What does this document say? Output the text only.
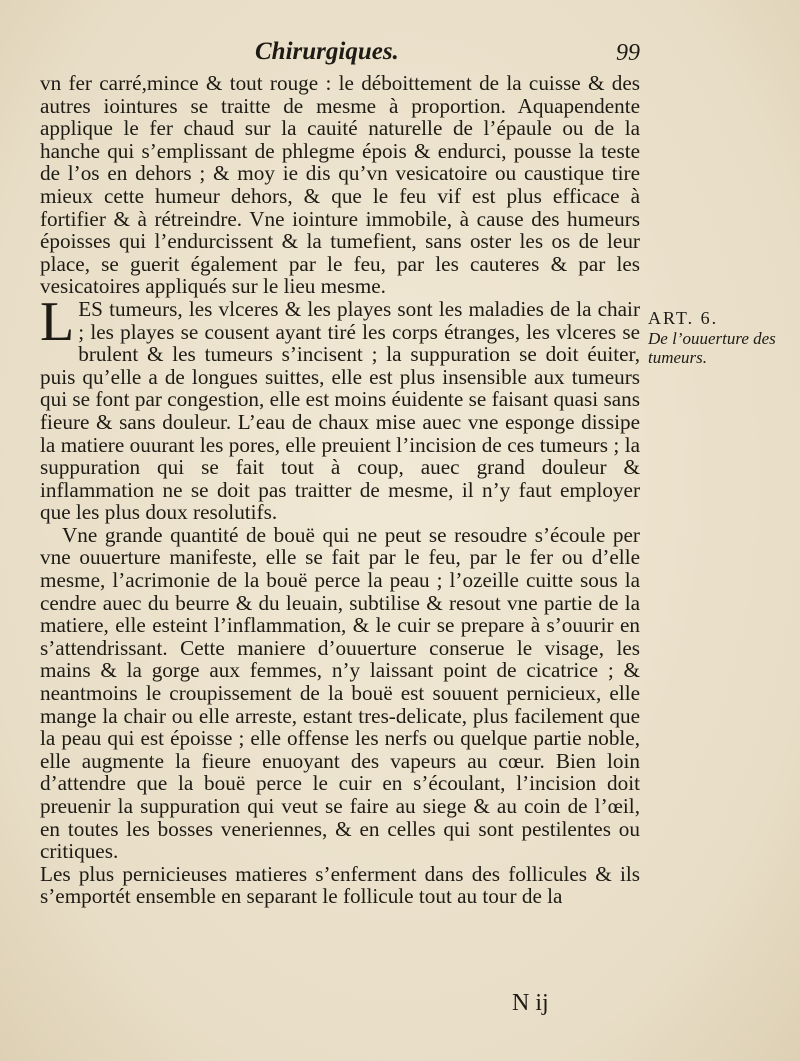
Chirurgiques.	99

vn fer carré,mince & tout rouge : le déboittement de la cuisse & des autres iointures se traitte de mesme à proportion. Aquapendente applique le fer chaud sur la cauité naturelle de l’épaule ou de la hanche qui s’emplissant de phlegme épois & endurci, pousse la teste de l’os en dehors ; & moy ie dis qu’vn vesicatoire ou caustique tire mieux cette humeur dehors, & que le feu vif est plus efficace à fortifier & à rétreindre. Vne iointure immobile, à cause des humeurs époisses qui l’endurcissent & la tumefient, sans oster les os de leur place, se guerit également par le feu, par les cauteres & par les vesicatoires appliqués sur le lieu mesme.

LES tumeurs, les vlceres & les playes sont les maladies de la chair ; les playes se cousent ayant tiré les corps étranges, les vlceres se brulent & les tumeurs s’incisent ; la suppuration se doit éuiter, puis qu’elle a de longues suittes, elle est plus insensible aux tumeurs qui se font par congestion, elle est moins éuidente se faisant quasi sans fieure & sans douleur. L’eau de chaux mise auec vne esponge dissipe la matiere ouurant les pores, elle preuient l’incision de ces tumeurs ; la suppuration qui se fait tout à coup, auec grand douleur & inflammation ne se doit pas traitter de mesme, il n’y faut employer que les plus doux resolutifs.

Vne grande quantité de bouë qui ne peut se resoudre s’écoule per vne ouuerture manifeste, elle se fait par le feu, par le fer ou d’elle mesme, l’acrimonie de la bouë perce la peau ; l’ozeille cuitte sous la cendre auec du beurre & du leuain, subtilise & resout vne partie de la matiere, elle esteint l’inflammation, & le cuir se prepare à s’ouurir en s’attendrissant. Cette maniere d’ouuerture conserue le visage, les mains & la gorge aux femmes, n’y laissant point de cicatrice ; & neantmoins le croupissement de la bouë est souuent pernicieux, elle mange la chair ou elle arreste, estant tres-delicate, plus facilement que la peau qui est époisse ; elle offense les nerfs ou quelque partie noble, elle augmente la fieure enuoyant des vapeurs au cœur. Bien loin d’attendre que la bouë perce le cuir en s’écoulant, l’incision doit preuenir la suppuration qui veut se faire au siege & au coin de l’œil, en toutes les bosses veneriennes, & en celles qui sont pestilentes ou critiques.

Les plus pernicieuses matieres s’enferment dans des follicules & ils s’emportét ensemble en separant le follicule tout au tour de la

ART. 6.
De l’ouuerture des tumeurs.
N ij
